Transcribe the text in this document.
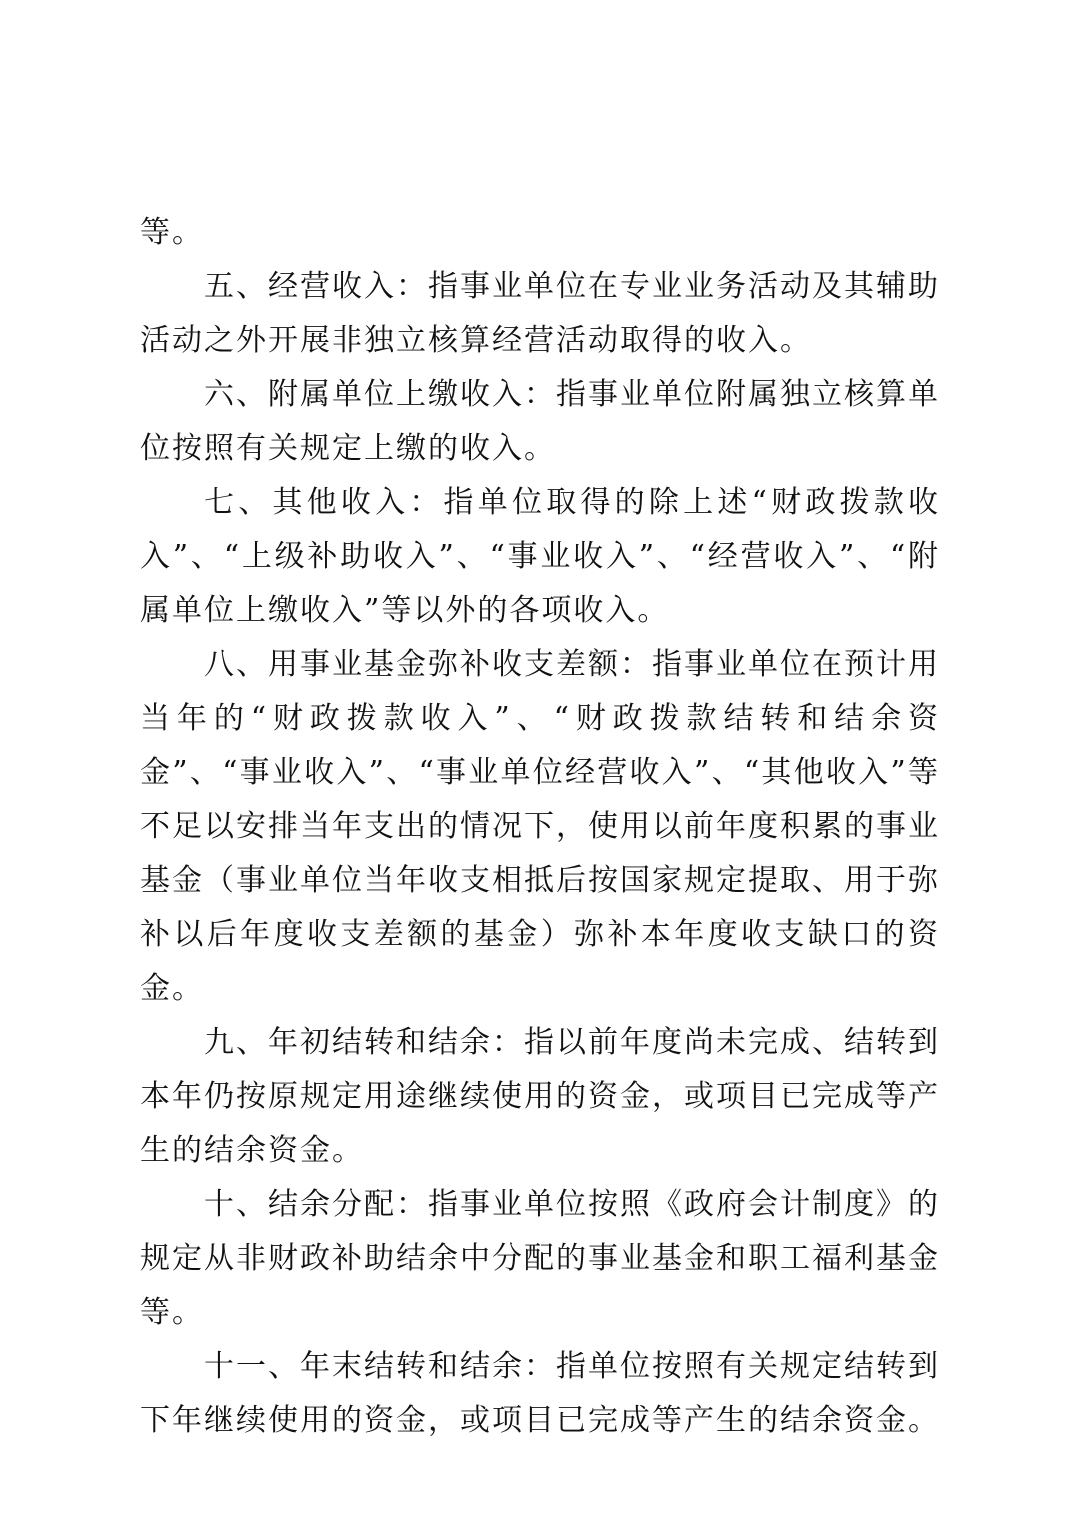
等。

五、经营收入：指事业单位在专业业务活动及其辅助活动之外开展非独立核算经营活动取得的收入。

六、附属单位上缴收入：指事业单位附属独立核算单位按照有关规定上缴的收入。

七、其他收入：指单位取得的除上述“财政拨款收入”、“上级补助收入”、“事业收入”、“经营收入”、“附属单位上缴收入”等以外的各项收入。

八、用事业基金弥补收支差额：指事业单位在预计用当年的“财政拨款收入”、“财政拨款结转和结余资金”、“事业收入”、“事业单位经营收入”、“其他收入”等不足以安排当年支出的情况下，使用以前年度积累的事业基金（事业单位当年收支相抵后按国家规定提取、用于弥补以后年度收支差额的基金）弥补本年度收支缺口的资金。

九、年初结转和结余：指以前年度尚未完成、结转到本年仍按原规定用途继续使用的资金，或项目已完成等产生的结余资金。

十、结余分配：指事业单位按照《政府会计制度》的规定从非财政补助结余中分配的事业基金和职工福利基金等。

十一、年末结转和结余：指单位按照有关规定结转到下年继续使用的资金，或项目已完成等产生的结余资金。
